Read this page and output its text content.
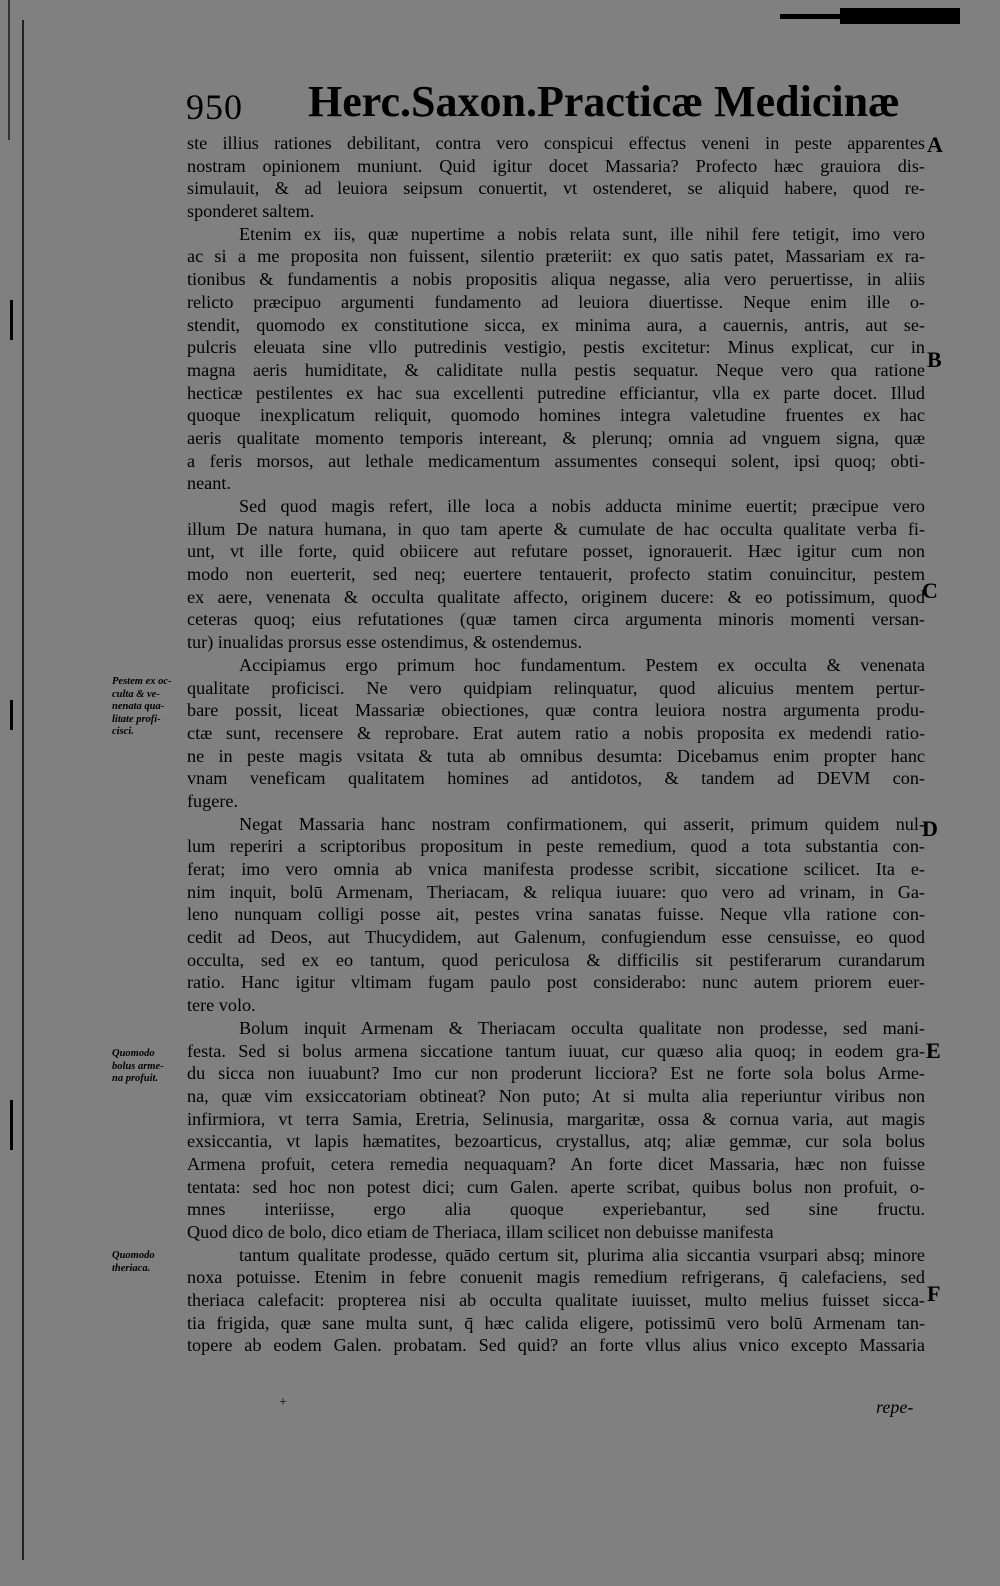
950 Herc.Saxon.Practicæ Medicinæ
ste illius rationes debilitant, contra vero conspicui effectus veneni in peste apparentes
nostram opinionem muniunt. Quid igitur docet Massaria? Profecto hæc grauiora dis-
simulauit, & ad leuiora seipsum conuertit, vt ostenderet, se aliquid habere, quod re-
sponderet saltem.
Etenim ex iis, quæ nupertime a nobis relata sunt, ille nihil fere tetigit, imo vero
ac si a me proposita non fuissent, silentio præteriit: ex quo satis patet, Massariam ex ra-
tionibus & fundamentis a nobis propositis aliqua negasse, alia vero peruertisse, in aliis
relicto præcipuo argumenti fundamento ad leuiora diuertisse. Neque enim ille o-
stendit, quomodo ex constitutione sicca, ex minima aura, a cauernis, antris, aut se-
pulcris eleuata sine vllo putredinis vestigio, pestis excitetur: Minus explicat, cur in
magna aeris humiditate, & caliditate nulla pestis sequatur. Neque vero qua ratione
hecticæ pestilentes ex hac sua excellenti putredine efficiantur, vlla ex parte docet. Illud
quoque inexplicatum reliquit, quomodo homines integra valetudine fruentes ex hac
aeris qualitate momento temporis intereant, & plerunq; omnia ad vnguem signa, quæ
a feris morsos, aut lethale medicamentum assumentes consequi solent, ipsi quoq; obti-
neant.
Sed quod magis refert, ille loca a nobis adducta minime euertit; præcipue vero
illum De natura humana, in quo tam aperte & cumulate de hac occulta qualitate verba fi-
unt, vt ille forte, quid obiicere aut refutare posset, ignorauerit. Hæc igitur cum non
modo non euerterit, sed neq; euertere tentauerit, profecto statim conuincitur, pestem
ex aere, venenata & occulta qualitate affecto, originem ducere: & eo potissimum, quod
ceteras quoq; eius refutationes (quæ tamen circa argumenta minoris momenti versan-
tur) inualidas prorsus esse ostendimus, & ostendemus.
Accipiamus ergo primum hoc fundamentum. Pestem ex occulta & venenata
qualitate proficisci. Ne vero quidpiam relinquatur, quod alicuius mentem pertur-
bare possit, liceat Massariæ obiectiones, quæ contra leuiora nostra argumenta produ-
ctæ sunt, recensere & reprobare. Erat autem ratio a nobis proposita ex medendi ratio-
ne in peste magis vsitata & tuta ab omnibus desumta: Dicebamus enim propter hanc
vnam veneficam qualitatem homines ad antidotos, & tandem ad DEVM con-
fugere.
Negat Massaria hanc nostram confirmationem, qui asserit, primum quidem nul-
lum reperiri a scriptoribus propositum in peste remedium, quod a tota substantia con-
ferat; imo vero omnia ab vnica manifesta prodesse scribit, siccatione scilicet. Ita e-
nim inquit, bolū Armenam, Theriacam, & reliqua iuuare: quo vero ad vrinam, in Ga-
leno nunquam colligi posse ait, pestes vrina sanatas fuisse. Neque vlla ratione con-
cedit ad Deos, aut Thucydidem, aut Galenum, confugiendum esse censuisse, eo quod
occulta, sed ex eo tantum, quod periculosa & difficilis sit pestiferarum curandarum
ratio. Hanc igitur vltimam fugam paulo post considerabo: nunc autem priorem euer-
tere volo.
Bolum inquit Armenam & Theriacam occulta qualitate non prodesse, sed mani-
festa. Sed si bolus armena siccatione tantum iuuat, cur quæso alia quoq; in eodem gra-
du sicca non iuuabunt? Imo cur non proderunt licciora? Est ne forte sola bolus Arme-
na, quæ vim exsiccatoriam obtineat? Non puto; At si multa alia reperiuntur viribus non
infirmiora, vt terra Samia, Eretria, Selinusia, margaritæ, ossa & cornua varia, aut magis
exsiccantia, vt lapis hæmatites, bezoarticus, crystallus, atq; aliæ gemmæ, cur sola bolus
Armena profuit, cetera remedia nequaquam? An forte dicet Massaria, hæc non fuisse
tentata: sed hoc non potest dici; cum Galen. aperte scribat, quibus bolus non profuit, o-
mnes interiisse, ergo alia quoque experiebantur, sed sine fructu.
Quod dico de bolo, dico etiam de Theriaca, illam scilicet non debuisse manifesta
tantum qualitate prodesse, quādo certum sit, plurima alia siccantia vsurpari absq; minore
noxa potuisse. Etenim in febre conuenit magis remedium refrigerans, q̄ calefaciens, sed
theriaca calefacit: propterea nisi ab occulta qualitate iuuisset, multo melius fuisset sicca-
tia frigida, quæ sane multa sunt, q̄ hæc calida eligere, potissimū vero bolū Armenam tan-
topere ab eodem Galen. probatam. Sed quid? an forte vllus alius vnico excepto Massaria
Pestem ex oc-
culta & ve-
nenata qua-
litate profi-
cisci.
Quomodo
bolus arme-
na profuit.
Quomodo
theriaca.
A
B
C
D
E
F
+	repe-
